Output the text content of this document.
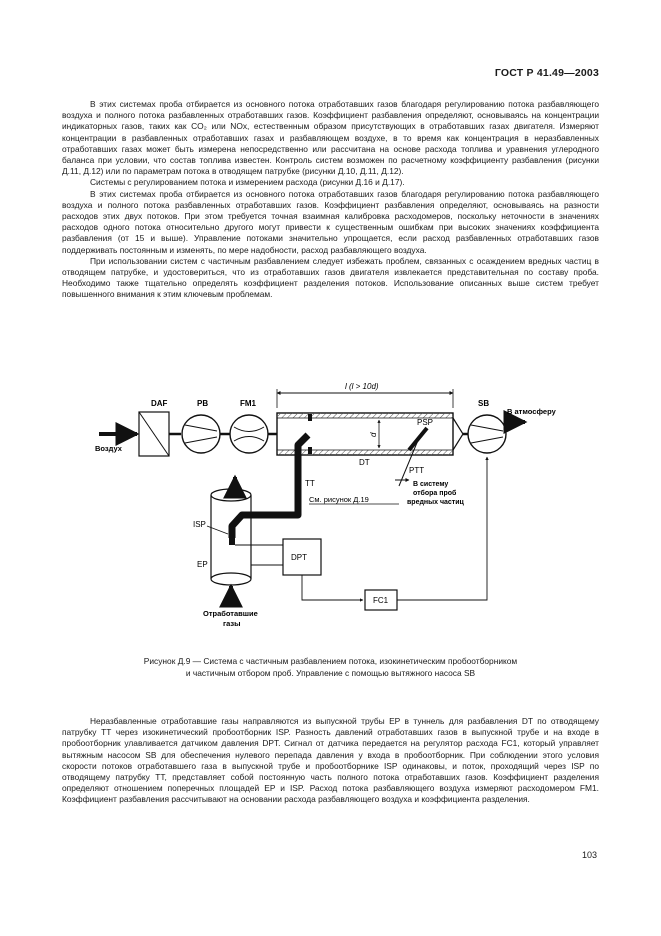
ГОСТ Р 41.49—2003

В этих системах проба отбирается из основного потока отработавших газов благодаря регулированию потока разбавляющего воздуха и полного потока разбавленных отработавших газов. Коэффициент разбавления определяют, основываясь на концентрации индикаторных газов, таких как CO₂ или NOx, естественным образом присутствующих в отработавших газах двигателя. Измеряют концентрации в разбавленных отработавших газах и разбавляющем воздухе, в то время как концентрация в неразбавленных отработавших газах может быть измерена непосредственно или рассчитана на основе расхода топлива и уравнения углеродного баланса при условии, что состав топлива известен. Контроль систем возможен по расчетному коэффициенту разбавления (рисунки Д.11, Д.12) или по параметрам потока в отводящем патрубке (рисунки Д.10, Д.11, Д.12).

Системы с регулированием потока и измерением расхода (рисунки Д.16 и Д.17).

В этих системах проба отбирается из основного потока отработавших газов благодаря регулированию потока разбавляющего воздуха и полного потока разбавленных отработавших газов. Коэффициент разбавления определяют, основываясь на разности расходов этих двух потоков. При этом требуется точная взаимная калибровка расходомеров, поскольку неточности в значениях расходов одного потока относительно другого могут привести к существенным ошибкам при высоких значениях коэффициента разбавления (от 15 и выше). Управление потоками значительно упрощается, если расход разбавленных отработавших газов поддерживать постоянным и изменять, по мере надобности, расход разбавляющего воздуха.

При использовании систем с частичным разбавлением следует избежать проблем, связанных с осаждением вредных частиц в отводящем патрубке, и удостовериться, что из отработавших газов двигателя извлекается представительная по составу проба. Необходимо также тщательно определять коэффициент разделения потоков. Использование описанных выше систем требует повышенного внимания к этим ключевым проблемам.

DAF	PB	FM1	SB
l (l > 10d)
Воздух
d
DT
PSP
PTT
В систему
отбора проб
вредных частиц
См. рисунок Д.19
В атмосферу
TT
Отработавшие
газы
ISP
EP
DPT
FC1
Рисунок Д.9 — Система с частичным разбавлением потока, изокинетическим пробоотборником
и частичным отбором проб. Управление с помощью вытяжного насоса SB

Неразбавленные отработавшие газы направляются из выпускной трубы EP в туннель для разбавления DT по отводящему патрубку TT через изокинетический пробоотборник ISP. Разность давлений отработавших газов в выпускной трубе и на входе в пробоотборник улавливается датчиком давления DPT. Сигнал от датчика передается на регулятор расхода FC1, который управляет вытяжным насосом SB для обеспечения нулевого перепада давления у входа в пробоотборник. При соблюдении этого условия скорости потоков отработавшего газа в выпускной трубе и пробоотборнике ISP одинаковы, и поток, проходящий через ISP по отводящему патрубку TT, представляет собой постоянную часть полного потока отработавших газов. Коэффициент разделения определяют отношением поперечных площадей EP и ISP. Расход потока разбавляющего воздуха измеряют расходомером FM1. Коэффициент разбавления рассчитывают на основании расхода разбавляющего воздуха и коэффициента разделения.

103
